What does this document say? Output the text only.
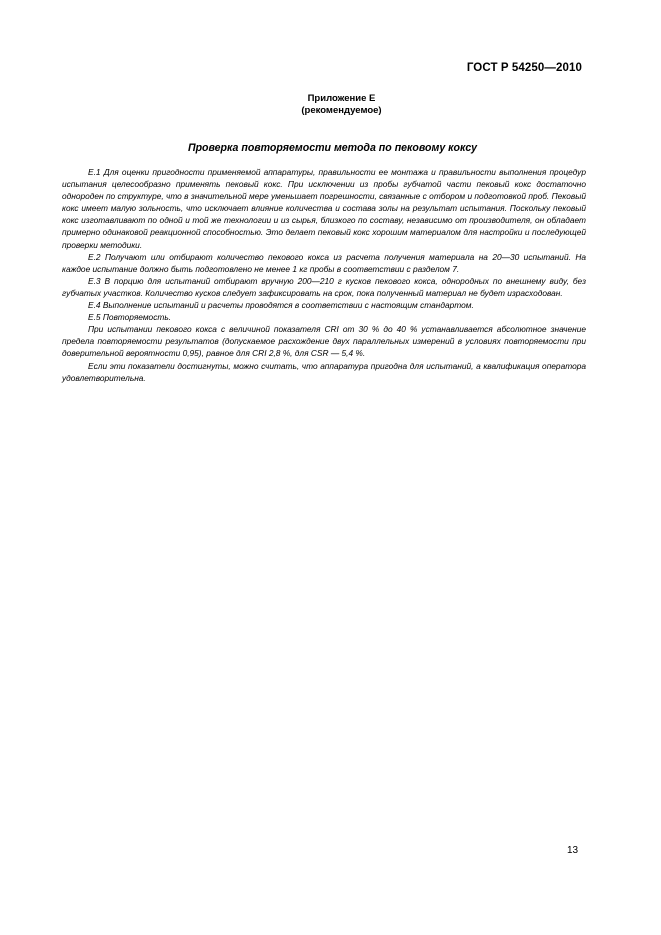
ГОСТ Р 54250—2010
Приложение Е
(рекомендуемое)
Проверка повторяемости метода по пековому коксу

Е.1 Для оценки пригодности применяемой аппаратуры, правильности ее монтажа и правильности выполнения процедур испытания целесообразно применять пековый кокс. При исключении из пробы губчатой части пековый кокс достаточно однороден по структуре, что в значительной мере уменьшает погрешности, связанные с отбором и подготовкой проб. Пековый кокс имеет малую зольность, что исключает влияние количества и состава золы на результат испытания. Поскольку пековый кокс изготавливают по одной и той же технологии и из сырья, близкого по составу, независимо от производителя, он обладает примерно одинаковой реакционной способностью. Это делает пековый кокс хорошим материалом для настройки и последующей проверки методики.

Е.2 Получают или отбирают количество пекового кокса из расчета получения материала на 20—30 испытаний. На каждое испытание должно быть подготовлено не менее 1 кг пробы в соответствии с разделом 7.

Е.3 В порцию для испытаний отбирают вручную 200—210 г кусков пекового кокса, однородных по внешнему виду, без губчатых участков. Количество кусков следует зафиксировать на срок, пока полученный материал не будет израсходован.

Е.4 Выполнение испытаний и расчеты проводятся в соответствии с настоящим стандартом.

Е.5 Повторяемость.

При испытании пекового кокса с величиной показателя CRI от 30 % до 40 % устанавливается абсолютное значение предела повторяемости результатов (допускаемое расхождение двух параллельных измерений в условиях повторяемости при доверительной вероятности 0,95), равное для CRI 2,8 %, для CSR — 5,4 %.

Если эти показатели достигнуты, можно считать, что аппаратура пригодна для испытаний, а квалификация оператора удовлетворительна.

13
